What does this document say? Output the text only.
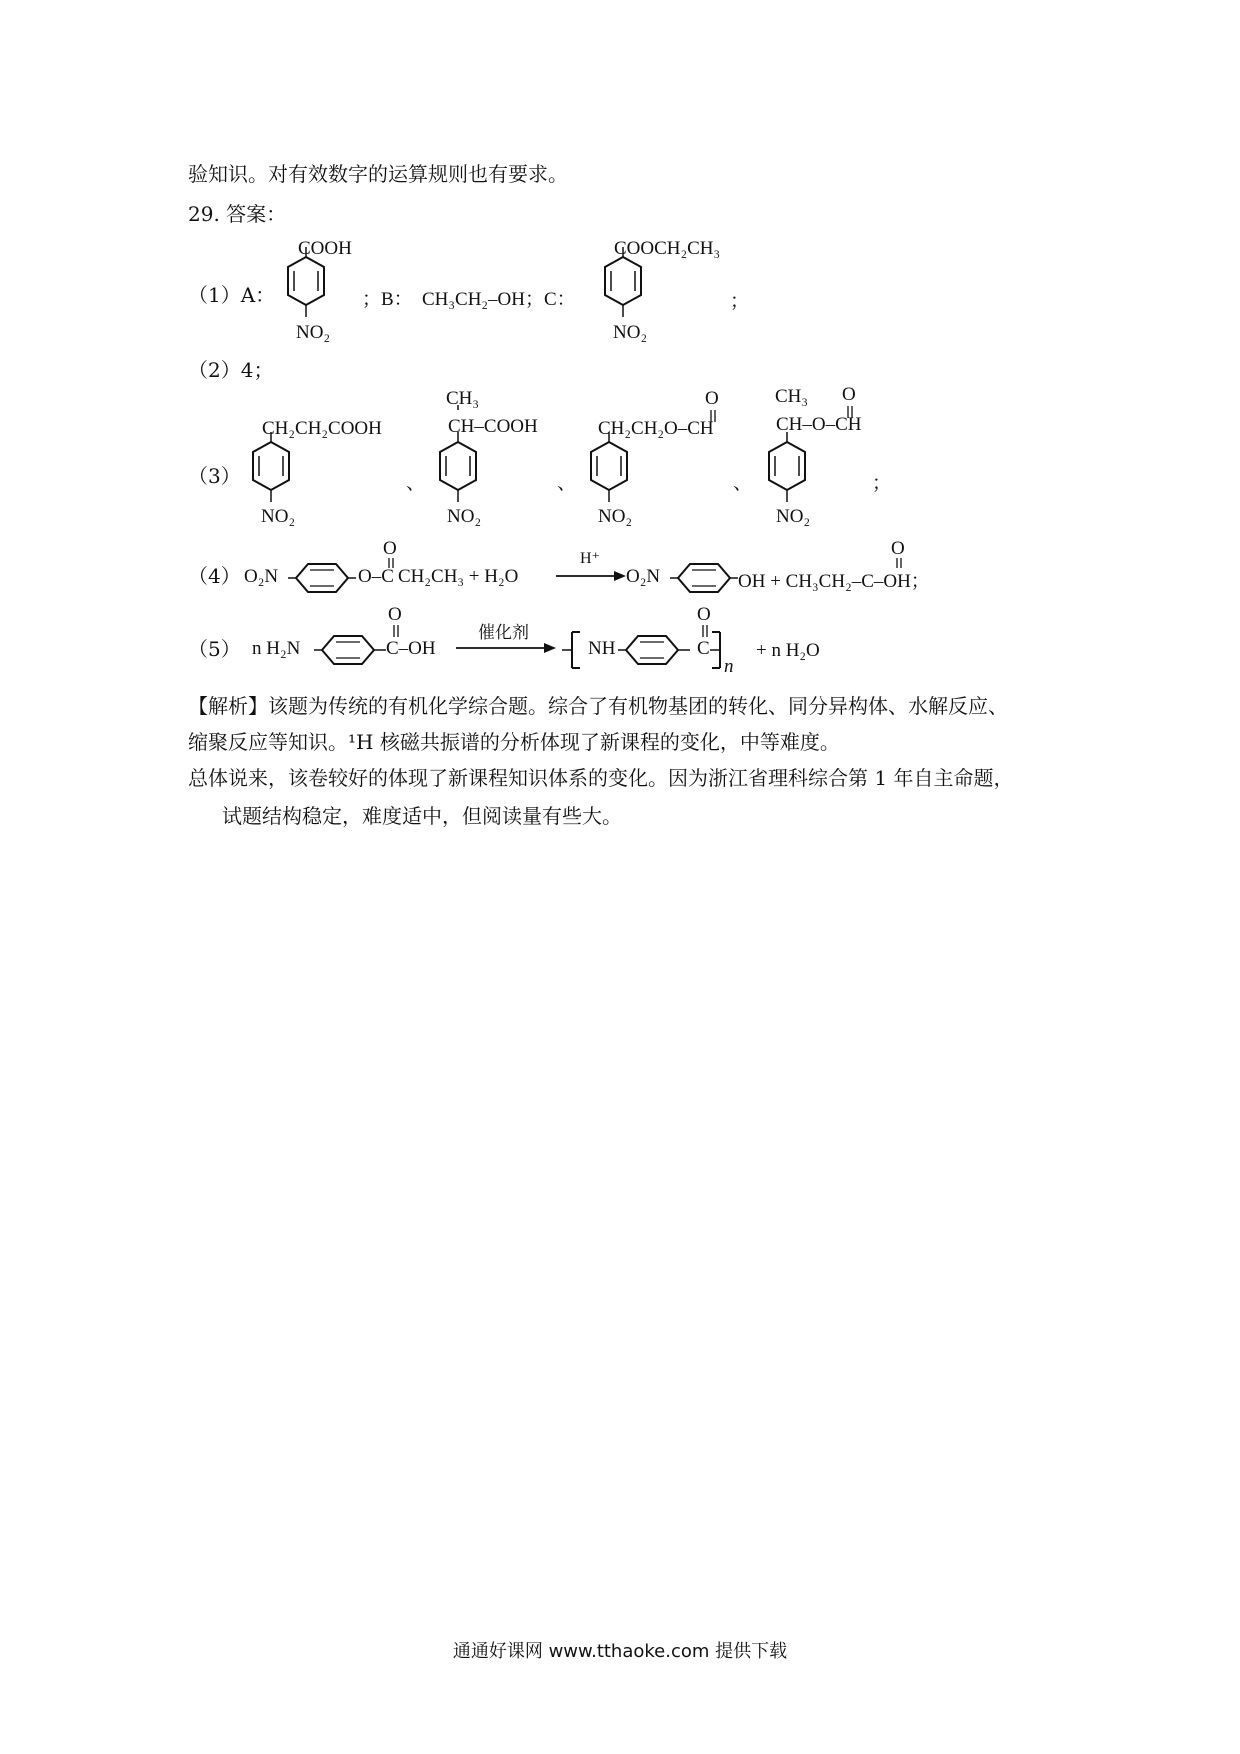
验知识。对有效数字的运算规则也有要求。
29. 答案：
（1）A：
COOH
NO₂
；B： CH₃CH₂–OH；C：
COOCH₂CH₃
NO₂
；
（2）4；
（3）
CH₂CH₂COOH
NO₂
、
CH₃
CH–COOH
NO₂
、
O
CH₂CH₂O–CH
NO₂
、
CH₃ O
CH–O–CH
NO₂
；
（4） O₂N
O
O–C CH₂CH₃ + H₂O
H⁺
O₂N
O
OH + CH₃CH₂–C–OH；
（5） n H₂N
O
C–OH
催化剂
NH
O
C
n
+ n H₂O
【解析】该题为传统的有机化学综合题。综合了有机物基团的转化、同分异构体、水解反应、
缩聚反应等知识。¹H 核磁共振谱的分析体现了新课程的变化，中等难度。
总体说来，该卷较好的体现了新课程知识体系的变化。因为浙江省理科综合第 1 年自主命题，
试题结构稳定，难度适中，但阅读量有些大。
通通好课网 www.tthaoke.com 提供下载
